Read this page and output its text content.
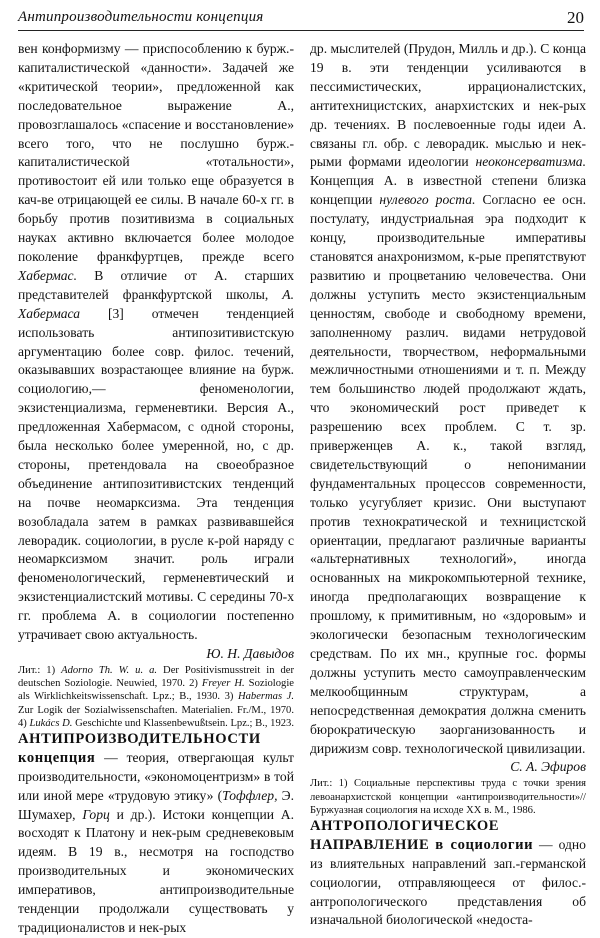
Антипроизводительности концепция	20

вен конформизму — приспособлению к бурж.-капиталистической «данности». Задачей же «критической теории», предложенной как последовательное выражение А., провозглашалось «спасение и восстановление» всего того, что не послушно бурж.-капиталистической «тотальности», противостоит ей или только еще образуется в кач-ве отрицающей ее силы. В начале 60-х гг. в борьбу против позитивизма в социальных науках активно включается более молодое поколение франкфуртцев, прежде всего Хабермас. В отличие от А. старших представителей франкфуртской школы, А. Хабермаса [3] отмечен тенденцией использовать антипозитивистскую аргументацию более совр. филос. течений, оказывавших возрастающее влияние на бурж. социологию,— феноменологии, экзистенциализма, герменевтики. Версия А., предложенная Хабермасом, с одной стороны, была несколько более умеренной, но, с др. стороны, претендовала на своеобразное объединение антипозитивистских тенденций на почве неомарксизма. Эта тенденция возобладала затем в рамках развивавшейся леворадик. социологии, в русле к-рой наряду с неомарксизмом значит. роль играли феноменологический, герменевтический и экзистенциалистский мотивы. С середины 70-х гг. проблема А. в социологии постепенно утрачивает свою актуальность.

Ю. Н. Давыдов

Лит.: 1) Adorno Th. W. u. a. Der Positivismusstreit in der deutschen Soziologie. Neuwied, 1970. 2) Freyer H. Soziologie als Wirklichkeitswissenschaft. Lpz.; B., 1930. 3) Habermas J. Zur Logik der Sozialwissenschaften. Materialien. Fr./M., 1970. 4) Lukács D. Geschichte und Klassenbewußtsein. Lpz.; B., 1923.

АНТИПРОИЗВОДИТЕЛЬНОСТИ
концепция — теория, отвергающая культ производительности, «экономоцентризм» в той или иной мере «трудовую этику» (Тоффлер, Э. Шумахер, Горц и др.). Истоки концепции А. восходят к Платону и нек-рым средневековым идеям. В 19 в., несмотря на господство производительных и экономических императивов, антипроизводительные тенденции продолжали существовать у традиционалистов и нек-рых

др. мыслителей (Прудон, Милль и др.). С конца 19 в. эти тенденции усиливаются в пессимистических, иррационалистских, антитехницистских, анархистских и нек-рых др. течениях. В послевоенные годы идеи А. связаны гл. обр. с леворадик. мыслью и нек-рыми формами идеологии неоконсерватизма. Концепция А. в известной степени близка концепции нулевого роста. Согласно ее осн. постулату, индустриальная эра подходит к концу, производительные императивы становятся анахронизмом, к-рые препятствуют развитию и процветанию человечества. Они должны уступить место экзистенциальным ценностям, свободе и свободному времени, заполненному различ. видами нетрудовой деятельности, творчеством, неформальными межличностными отношениями и т. п. Между тем большинство людей продолжают ждать, что экономический рост приведет к разрешению всех проблем. С т. зр. приверженцев А. к., такой взгляд, свидетельствующий о непонимании фундаментальных процессов современности, только усугубляет кризис. Они выступают против технократической и техницистской ориентации, предлагают различные варианты «альтернативных технологий», иногда основанных на микрокомпьютерной технике, иногда предполагающих возвращение к прошлому, к примитивным, но «здоровым» и экологически безопасным технологическим средствам. По их мн., крупные гос. формы должны уступить место самоуправленческим мелкообщинным структурам, а непосредственная демократия должна сменить бюрократическую заорганизованность и дирижизм совр. технологической цивилизации.

С. А. Эфиров

Лит.: 1) Социальные перспективы труда с точки зрения левоанархистской концепции «антипроизводительности»//Буржуазная социология на исходе XX в. М., 1986.

АНТРОПОЛОГИЧЕСКОЕ НАПРАВЛЕНИЕ в социологии — одно из влиятельных направлений зап.-германской социологии, отправляющееся от филос.-антропологического представления об изначальной биологической «недоста-
